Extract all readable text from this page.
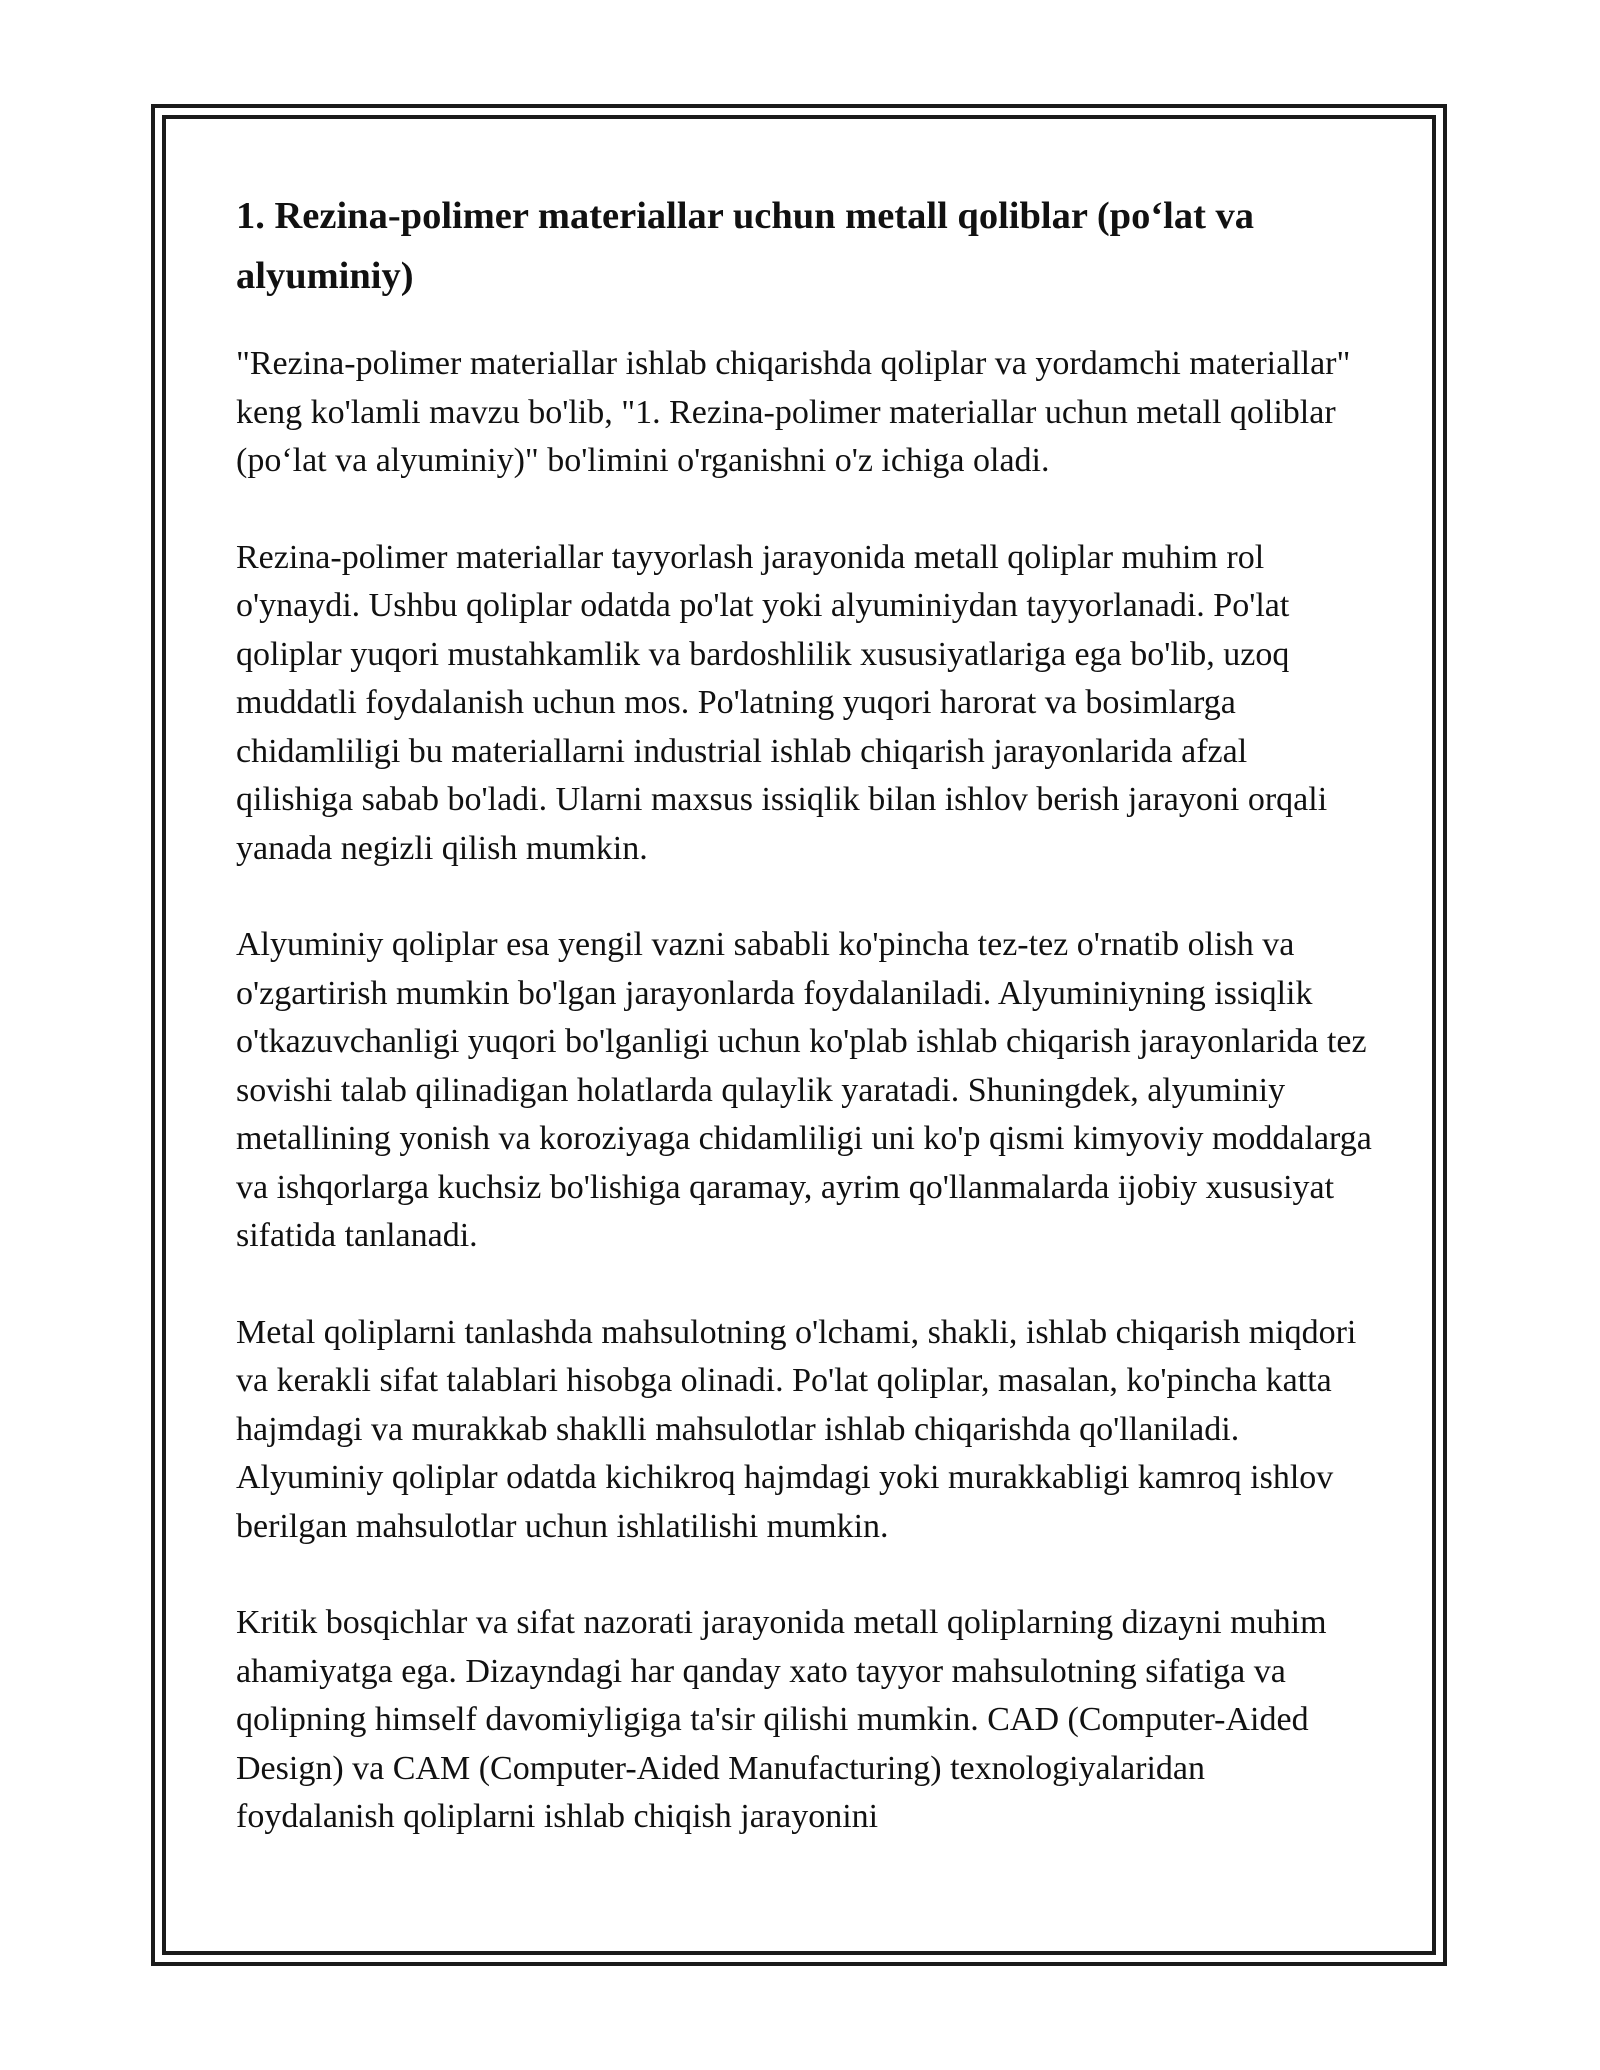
1. Rezina-polimer materiallar uchun metall qoliblar (po‘lat va alyuminiy)

"Rezina-polimer materiallar ishlab chiqarishda qoliplar va yordamchi materiallar" keng ko'lamli mavzu bo'lib, "1. Rezina-polimer materiallar uchun metall qoliblar (po‘lat va alyuminiy)" bo'limini o'rganishni o'z ichiga oladi.

Rezina-polimer materiallar tayyorlash jarayonida metall qoliplar muhim rol o'ynaydi. Ushbu qoliplar odatda po'lat yoki alyuminiydan tayyorlanadi. Po'lat qoliplar yuqori mustahkamlik va bardoshlilik xususiyatlariga ega bo'lib, uzoq muddatli foydalanish uchun mos. Po'latning yuqori harorat va bosimlarga chidamliligi bu materiallarni industrial ishlab chiqarish jarayonlarida afzal qilishiga sabab bo'ladi. Ularni maxsus issiqlik bilan ishlov berish jarayoni orqali yanada negizli qilish mumkin.

Alyuminiy qoliplar esa yengil vazni sababli ko'pincha tez-tez o'rnatib olish va o'zgartirish mumkin bo'lgan jarayonlarda foydalaniladi. Alyuminiyning issiqlik o'tkazuvchanligi yuqori bo'lganligi uchun ko'plab ishlab chiqarish jarayonlarida tez sovishi talab qilinadigan holatlarda qulaylik yaratadi. Shuningdek, alyuminiy metallining yonish va koroziyaga chidamliligi uni ko'p qismi kimyoviy moddalarga va ishqorlarga kuchsiz bo'lishiga qaramay, ayrim qo'llanmalarda ijobiy xususiyat sifatida tanlanadi.

Metal qoliplarni tanlashda mahsulotning o'lchami, shakli, ishlab chiqarish miqdori va kerakli sifat talablari hisobga olinadi. Po'lat qoliplar, masalan, ko'pincha katta hajmdagi va murakkab shaklli mahsulotlar ishlab chiqarishda qo'llaniladi. Alyuminiy qoliplar odatda kichikroq hajmdagi yoki murakkabligi kamroq ishlov berilgan mahsulotlar uchun ishlatilishi mumkin.

Kritik bosqichlar va sifat nazorati jarayonida metall qoliplarning dizayni muhim ahamiyatga ega. Dizayndagi har qanday xato tayyor mahsulotning sifatiga va qolipning himself davomiyligiga ta'sir qilishi mumkin. CAD (Computer-Aided Design) va CAM (Computer-Aided Manufacturing) texnologiyalaridan foydalanish qoliplarni ishlab chiqish jarayonini
